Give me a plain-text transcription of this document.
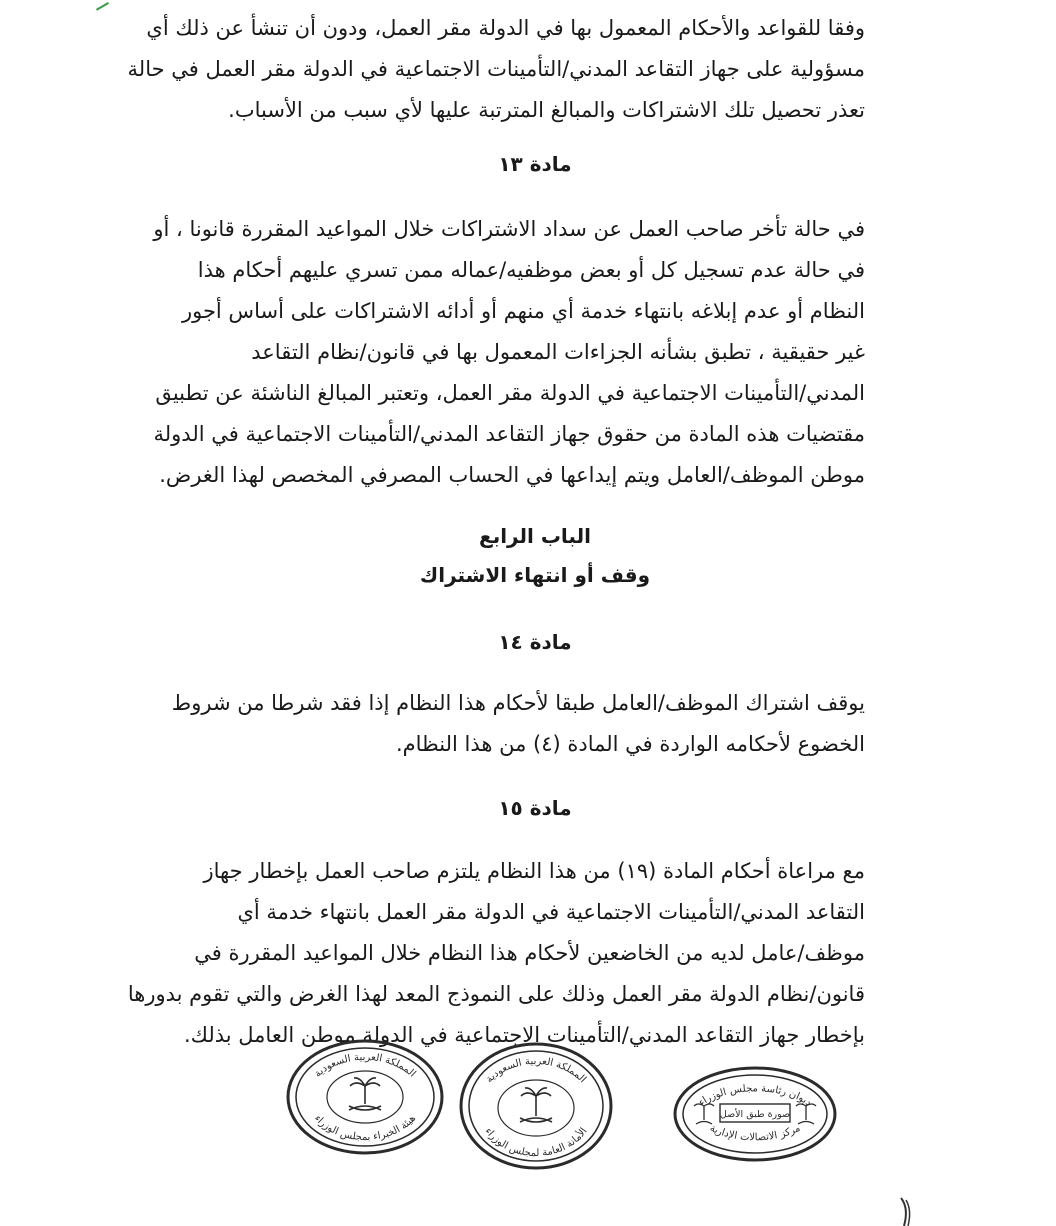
وفقا للقواعد والأحكام المعمول بها في الدولة مقر العمل، ودون أن تنشأ عن ذلك أي
مسؤولية على جهاز التقاعد المدني/التأمينات الاجتماعية في الدولة مقر العمل في حالة
تعذر تحصيل تلك الاشتراكات والمبالغ المترتبة عليها لأي سبب من الأسباب.
مادة ١٣
في حالة تأخر صاحب العمل عن سداد الاشتراكات خلال المواعيد المقررة قانونا ، أو
في حالة عدم تسجيل كل أو بعض موظفيه/عماله ممن تسري عليهم أحكام هذا
النظام أو عدم إبلاغه بانتهاء خدمة أي منهم أو أدائه الاشتراكات على أساس أجور
غير حقيقية ، تطبق بشأنه الجزاءات المعمول بها في قانون/نظام التقاعد
المدني/التأمينات الاجتماعية في الدولة مقر العمل، وتعتبر المبالغ الناشئة عن تطبيق
مقتضيات هذه المادة من حقوق جهاز التقاعد المدني/التأمينات الاجتماعية في الدولة
موطن الموظف/العامل ويتم إيداعها في الحساب المصرفي المخصص لهذا الغرض.
الباب الرابع
وقف أو انتهاء الاشتراك
مادة ١٤
يوقف اشتراك الموظف/العامل طبقا لأحكام هذا النظام إذا فقد شرطا من شروط
الخضوع لأحكامه الواردة في المادة (٤) من هذا النظام.
مادة ١٥
مع مراعاة أحكام المادة (١٩) من هذا النظام يلتزم صاحب العمل بإخطار جهاز
التقاعد المدني/التأمينات الاجتماعية في الدولة مقر العمل بانتهاء خدمة أي
موظف/عامل لديه من الخاضعين لأحكام هذا النظام خلال المواعيد المقررة في
قانون/نظام الدولة مقر العمل وذلك على النموذج المعد لهذا الغرض والتي تقوم بدورها
بإخطار جهاز التقاعد المدني/التأمينات الاجتماعية في الدولة موطن العامل بذلك.
المملكة العربية السعودية
هيئة الخبراء بمجلس الوزراء
المملكة العربية السعودية
الأمانة العامة لمجلس الوزراء
ديوان رئاسة مجلس الوزراء
مركز الاتصالات الإدارية
صورة طبق الأصل
